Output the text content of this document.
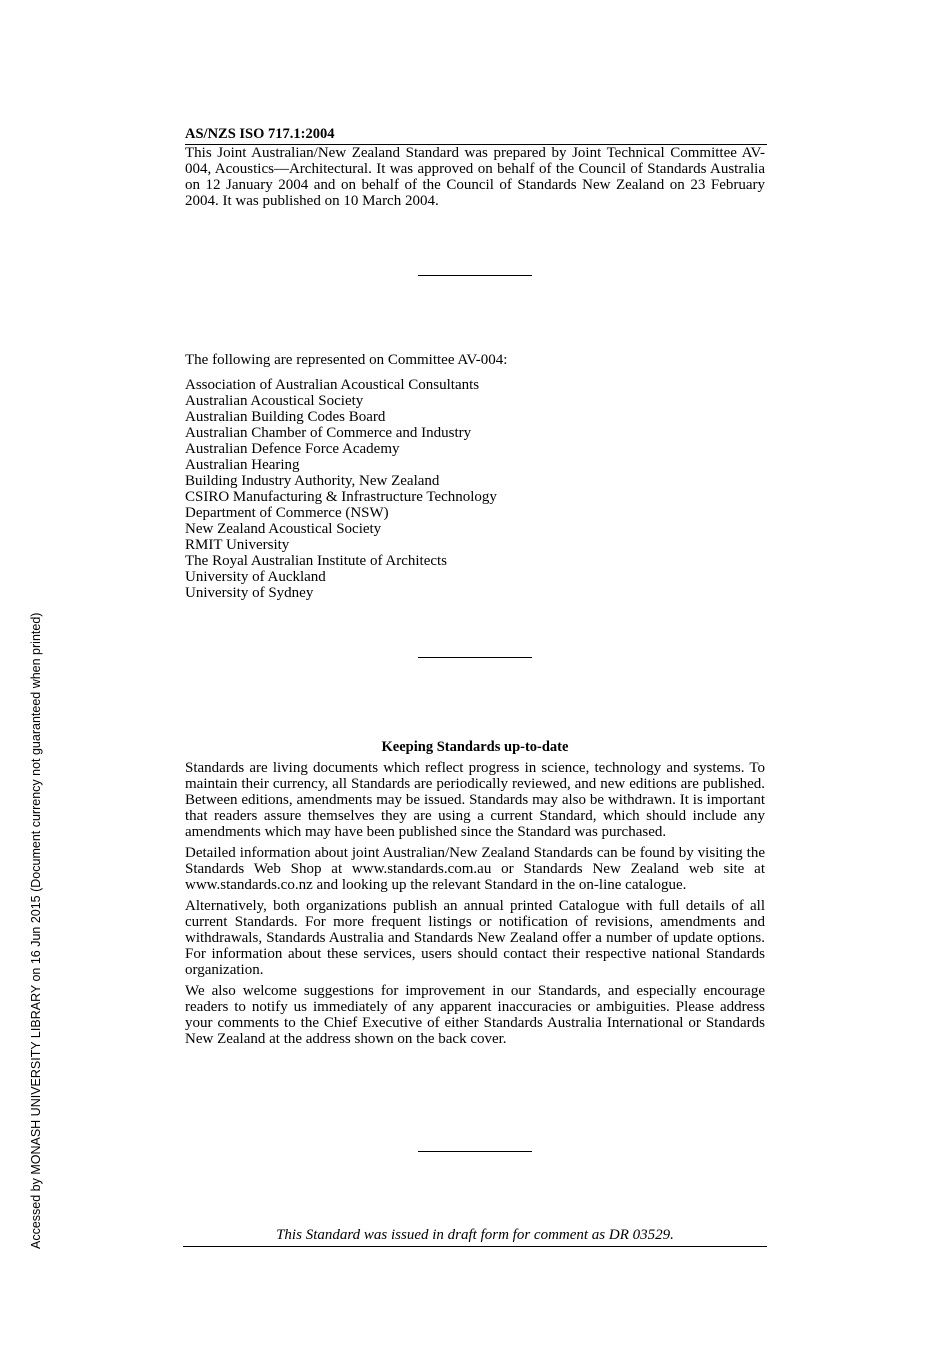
AS/NZS ISO 717.1:2004

This Joint Australian/New Zealand Standard was prepared by Joint Technical Committee AV-004, Acoustics—Architectural. It was approved on behalf of the Council of Standards Australia on 12 January 2004 and on behalf of the Council of Standards New Zealand on 23 February 2004. It was published on 10 March 2004.

The following are represented on Committee AV-004:

Association of Australian Acoustical Consultants
Australian Acoustical Society
Australian Building Codes Board
Australian Chamber of Commerce and Industry
Australian Defence Force Academy
Australian Hearing
Building Industry Authority, New Zealand
CSIRO Manufacturing & Infrastructure Technology
Department of Commerce (NSW)
New Zealand Acoustical Society
RMIT University
The Royal Australian Institute of Architects
University of Auckland
University of Sydney
Keeping Standards up-to-date

Standards are living documents which reflect progress in science, technology and systems. To maintain their currency, all Standards are periodically reviewed, and new editions are published. Between editions, amendments may be issued. Standards may also be withdrawn. It is important that readers assure themselves they are using a current Standard, which should include any amendments which may have been published since the Standard was purchased.

Detailed information about joint Australian/New Zealand Standards can be found by visiting the Standards Web Shop at www.standards.com.au or Standards New Zealand web site at www.standards.co.nz and looking up the relevant Standard in the on-line catalogue.

Alternatively, both organizations publish an annual printed Catalogue with full details of all current Standards. For more frequent listings or notification of revisions, amendments and withdrawals, Standards Australia and Standards New Zealand offer a number of update options. For information about these services, users should contact their respective national Standards organization.

We also welcome suggestions for improvement in our Standards, and especially encourage readers to notify us immediately of any apparent inaccuracies or ambiguities. Please address your comments to the Chief Executive of either Standards Australia International or Standards New Zealand at the address shown on the back cover.

This Standard was issued in draft form for comment as DR 03529.

Accessed by MONASH UNIVERSITY LIBRARY on 16 Jun 2015 (Document currency not guaranteed when printed)
